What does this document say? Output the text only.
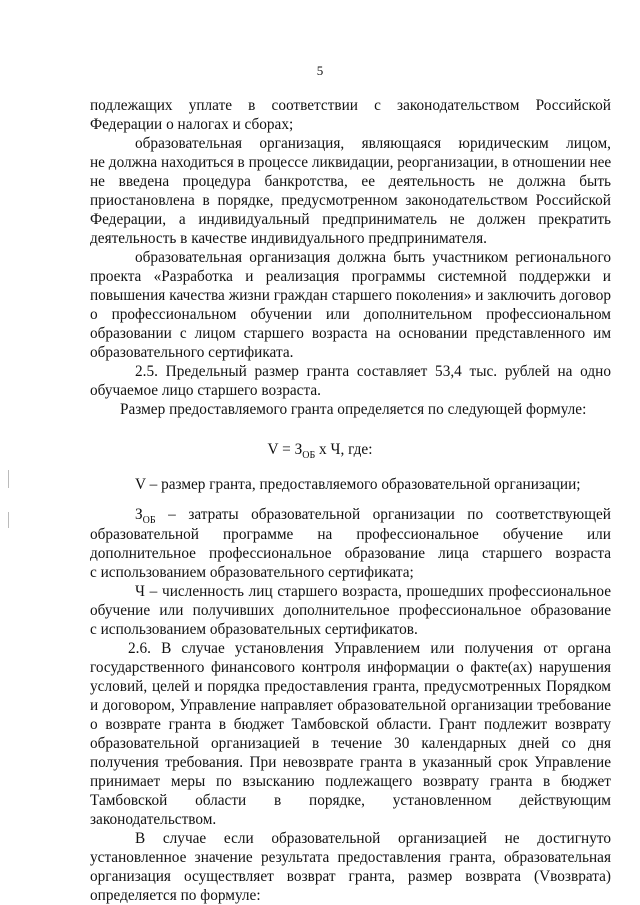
5
подлежащих уплате в соответствии с законодательством Российской
Федерации о налогах и сборах;
образовательная организация, являющаяся юридическим лицом,
не должна находиться в процессе ликвидации, реорганизации, в отношении нее
не введена процедура банкротства, ее деятельность не должна быть
приостановлена в порядке, предусмотренном законодательством Российской
Федерации, а индивидуальный предприниматель не должен прекратить
деятельность в качестве индивидуального предпринимателя.
образовательная организация должна быть участником регионального
проекта «Разработка и реализация программы системной поддержки и
повышения качества жизни граждан старшего поколения» и заключить договор
о профессиональном обучении или дополнительном профессиональном
образовании с лицом старшего возраста на основании представленного им
образовательного сертификата.
2.5. Предельный размер гранта составляет 53,4 тыс. рублей на одно
обучаемое лицо старшего возраста.
Размер предоставляемого гранта определяется по следующей формуле:
$V = З_{ОБ}$ х Ч, где:
V – размер гранта, предоставляемого образовательной организации;
$З_{ОБ}$ – затраты образовательной организации по соответствующей
образовательной программе на профессиональное обучение или
дополнительное профессиональное образование лица старшего возраста
с использованием образовательного сертификата;
Ч – численность лиц старшего возраста, прошедших профессиональное
обучение или получивших дополнительное профессиональное образование
с использованием образовательных сертификатов.
2.6. В случае установления Управлением или получения от органа
государственного финансового контроля информации о факте(ах) нарушения
условий, целей и порядка предоставления гранта, предусмотренных Порядком
и договором, Управление направляет образовательной организации требование
о возврате гранта в бюджет Тамбовской области. Грант подлежит возврату
образовательной организацией в течение 30 календарных дней со дня
получения требования. При невозврате гранта в указанный срок Управление
принимает меры по взысканию подлежащего возврату гранта в бюджет
Тамбовской области в порядке, установленном действующим
законодательством.
В случае если образовательной организацией не достигнуто
установленное значение результата предоставления гранта, образовательная
организация осуществляет возврат гранта, размер возврата (Vвозврата)
определяется по формуле:
